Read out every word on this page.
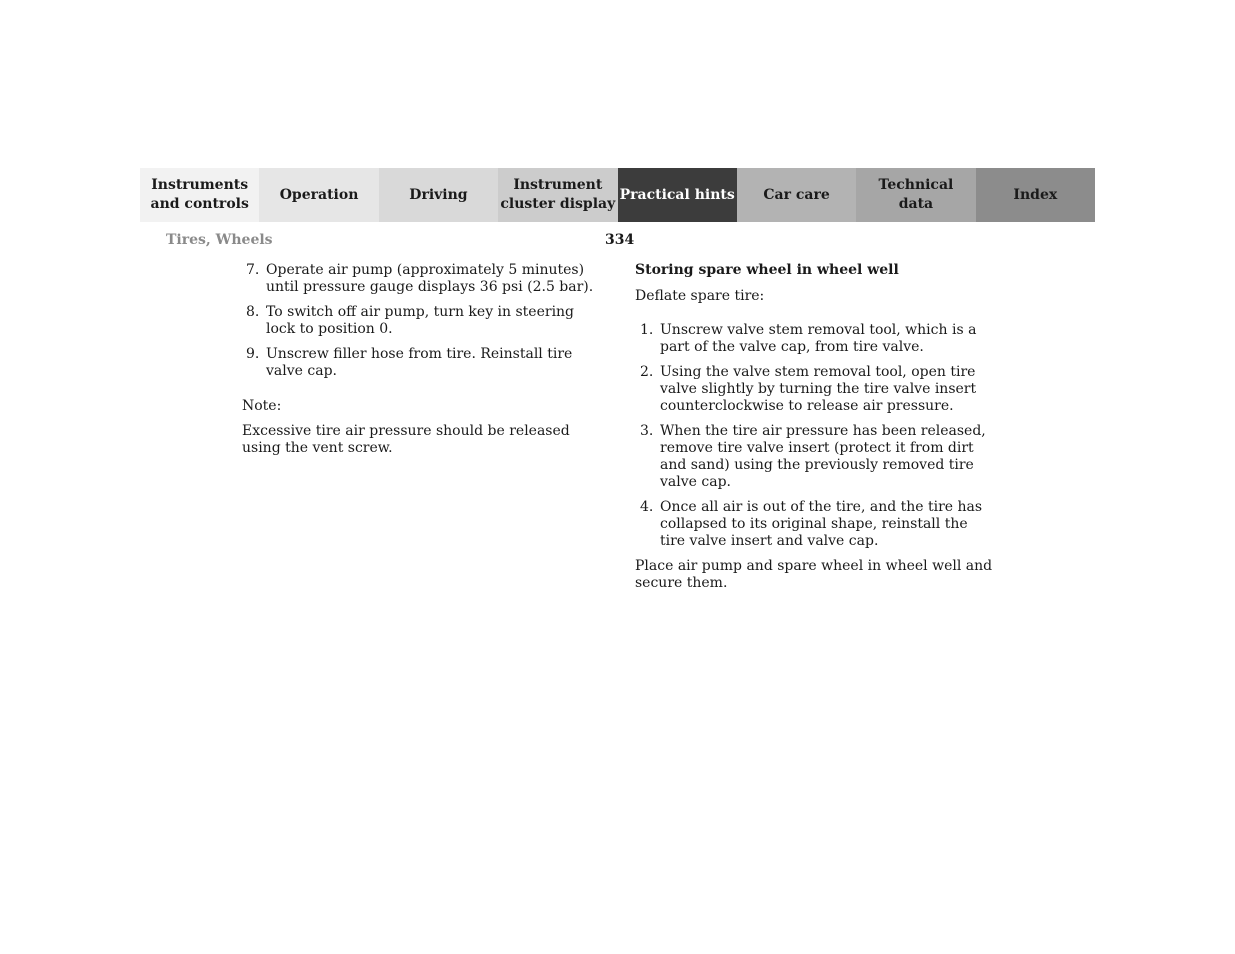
Instruments
and controls
Operation	Driving
Instrument
cluster display
Practical hints	Car care
Technical
data
Index
Tires, Wheels	334
7. Operate air pump (approximately 5 minutes) until pressure gauge displays 36 psi (2.5 bar).
8. To switch off air pump, turn key in steering lock to position 0.
9. Unscrew filler hose from tire. Reinstall tire valve cap.

Note:

Excessive tire air pressure should be released using the vent screw.

Storing spare wheel in wheel well

Deflate spare tire:

1. Unscrew valve stem removal tool, which is a part of the valve cap, from tire valve.
2. Using the valve stem removal tool, open tire valve slightly by turning the tire valve insert counterclockwise to release air pressure.
3. When the tire air pressure has been released, remove tire valve insert (protect it from dirt and sand) using the previously removed tire valve cap.
4. Once all air is out of the tire, and the tire has collapsed to its original shape, reinstall the tire valve insert and valve cap.

Place air pump and spare wheel in wheel well and secure them.
